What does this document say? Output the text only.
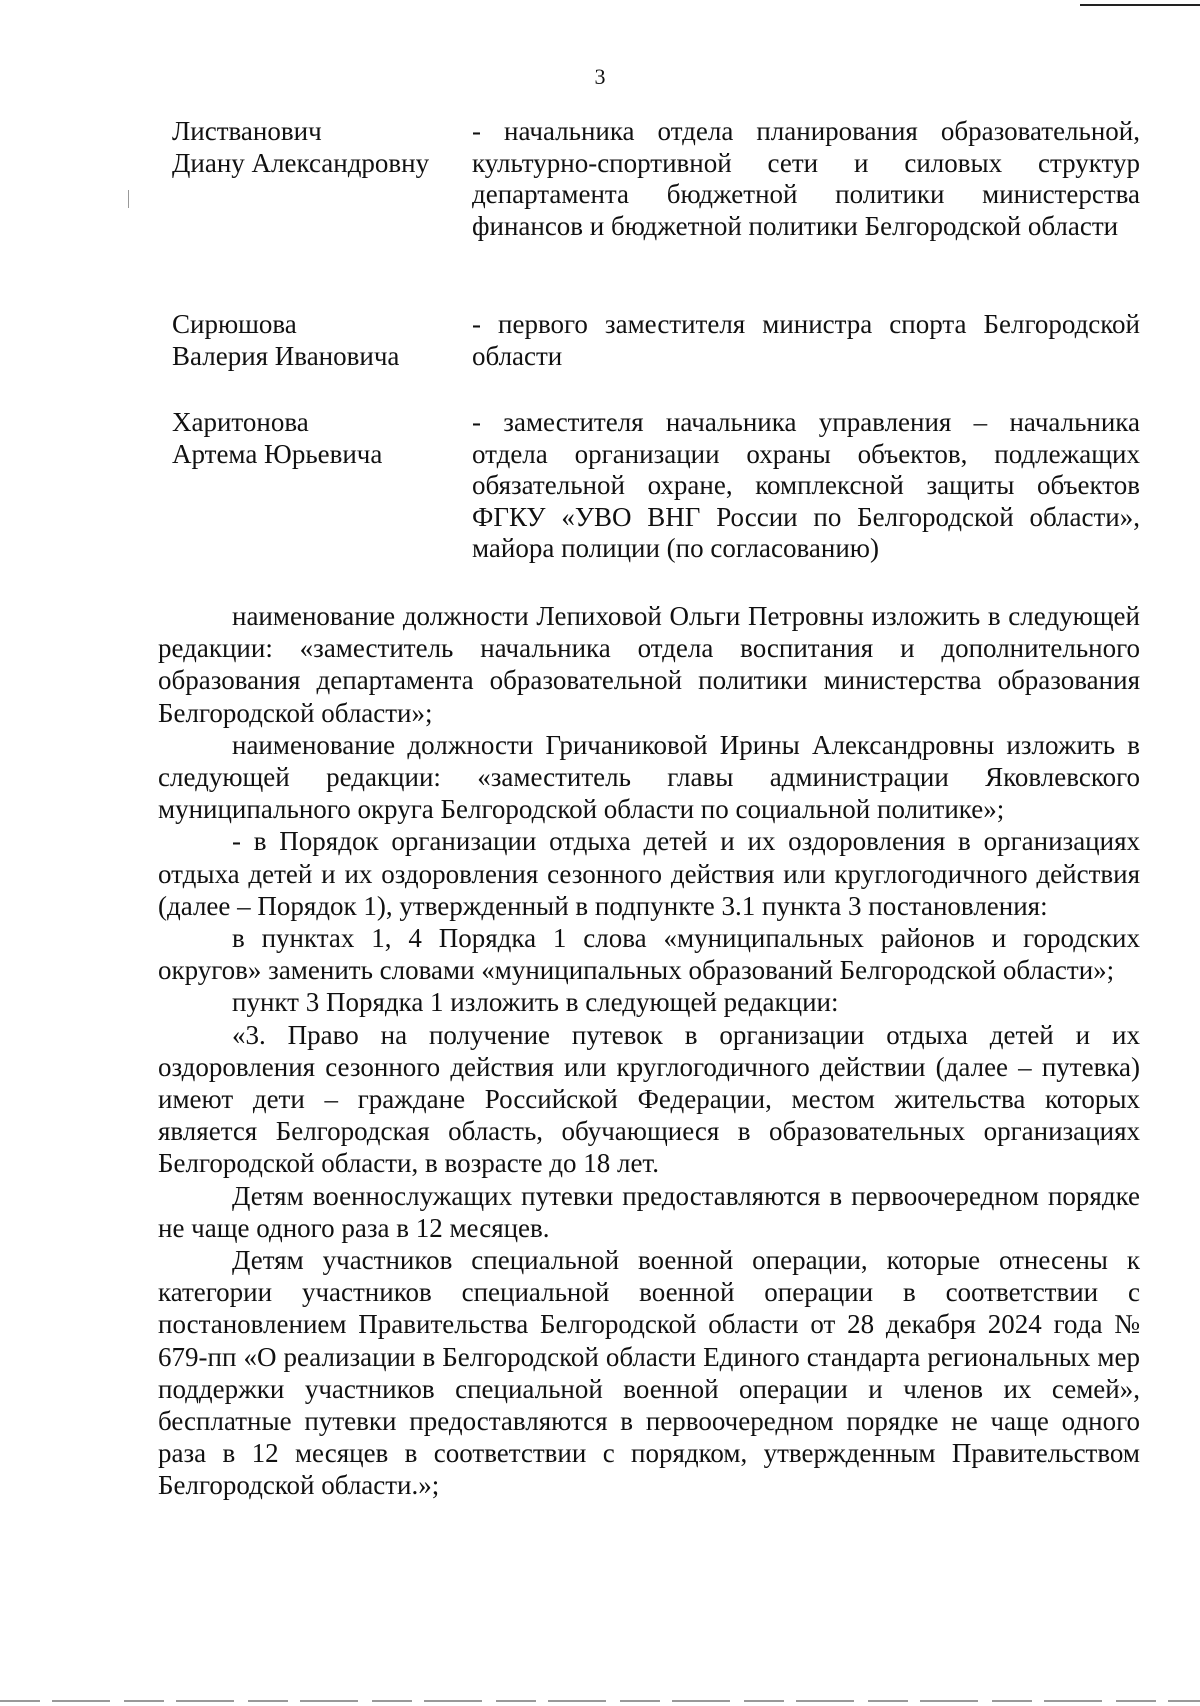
3
Листванович
Диану Александровну
- начальника отдела планирования образовательной, культурно-спортивной сети и силовых структур департамента бюджетной политики министерства финансов и бюджетной политики Белгородской области
Сирюшова
Валерия Ивановича
- первого заместителя министра спорта Белгородской области
Харитонова
Артема Юрьевича
- заместителя начальника управления – начальника отдела организации охраны объектов, подлежащих обязательной охране, комплексной защиты объектов ФГКУ «УВО ВНГ России по Белгородской области», майора полиции (по согласованию)

наименование должности Лепиховой Ольги Петровны изложить в следующей редакции: «заместитель начальника отдела воспитания и дополнительного образования департамента образовательной политики министерства образования Белгородской области»;

наименование должности Гричаниковой Ирины Александровны изложить в следующей редакции: «заместитель главы администрации Яковлевского муниципального округа Белгородской области по социальной политике»;

- в Порядок организации отдыха детей и их оздоровления в организациях отдыха детей и их оздоровления сезонного действия или круглогодичного действия (далее – Порядок 1), утвержденный в подпункте 3.1 пункта 3 постановления:

в пунктах 1, 4 Порядка 1 слова «муниципальных районов и городских округов» заменить словами «муниципальных образований Белгородской области»;

пункт 3 Порядка 1 изложить в следующей редакции:

«3. Право на получение путевок в организации отдыха детей и их оздоровления сезонного действия или круглогодичного действии (далее – путевка) имеют дети – граждане Российской Федерации, местом жительства которых является Белгородская область, обучающиеся в образовательных организациях Белгородской области, в возрасте до 18 лет.

Детям военнослужащих путевки предоставляются в первоочередном порядке не чаще одного раза в 12 месяцев.

Детям участников специальной военной операции, которые отнесены к категории участников специальной военной операции в соответствии с постановлением Правительства Белгородской области от 28 декабря 2024 года № 679-пп «О реализации в Белгородской области Единого стандарта региональных мер поддержки участников специальной военной операции и членов их семей», бесплатные путевки предоставляются в первоочередном порядке не чаще одного раза в 12 месяцев в соответствии с порядком, утвержденным Правительством Белгородской области.»;
